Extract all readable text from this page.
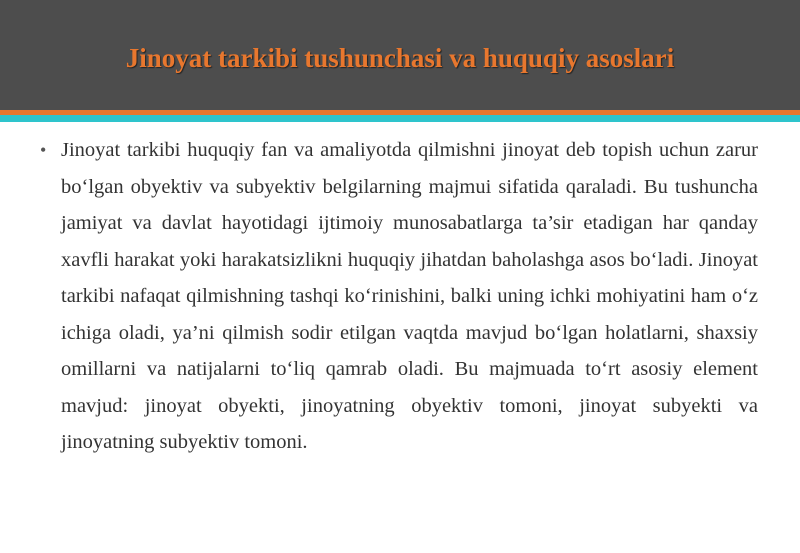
Jinoyat tarkibi tushunchasi va huquqiy asoslari
• Jinoyat tarkibi huquqiy fan va amaliyotda qilmishni jinoyat deb topish uchun zarur bo‘lgan obyektiv va subyektiv belgilarning majmui sifatida qaraladi. Bu tushuncha jamiyat va davlat hayotidagi ijtimoiy munosabatlarga ta’sir etadigan har qanday xavfli harakat yoki harakatsizlikni huquqiy jihatdan baholashga asos bo‘ladi. Jinoyat tarkibi nafaqat qilmishning tashqi ko‘rinishini, balki uning ichki mohiyatini ham o‘z ichiga oladi, ya’ni qilmish sodir etilgan vaqtda mavjud bo‘lgan holatlarni, shaxsiy omillarni va natijalarni to‘liq qamrab oladi. Bu majmuada to‘rt asosiy element mavjud: jinoyat obyekti, jinoyatning obyektiv tomoni, jinoyat subyekti va jinoyatning subyektiv tomoni.
